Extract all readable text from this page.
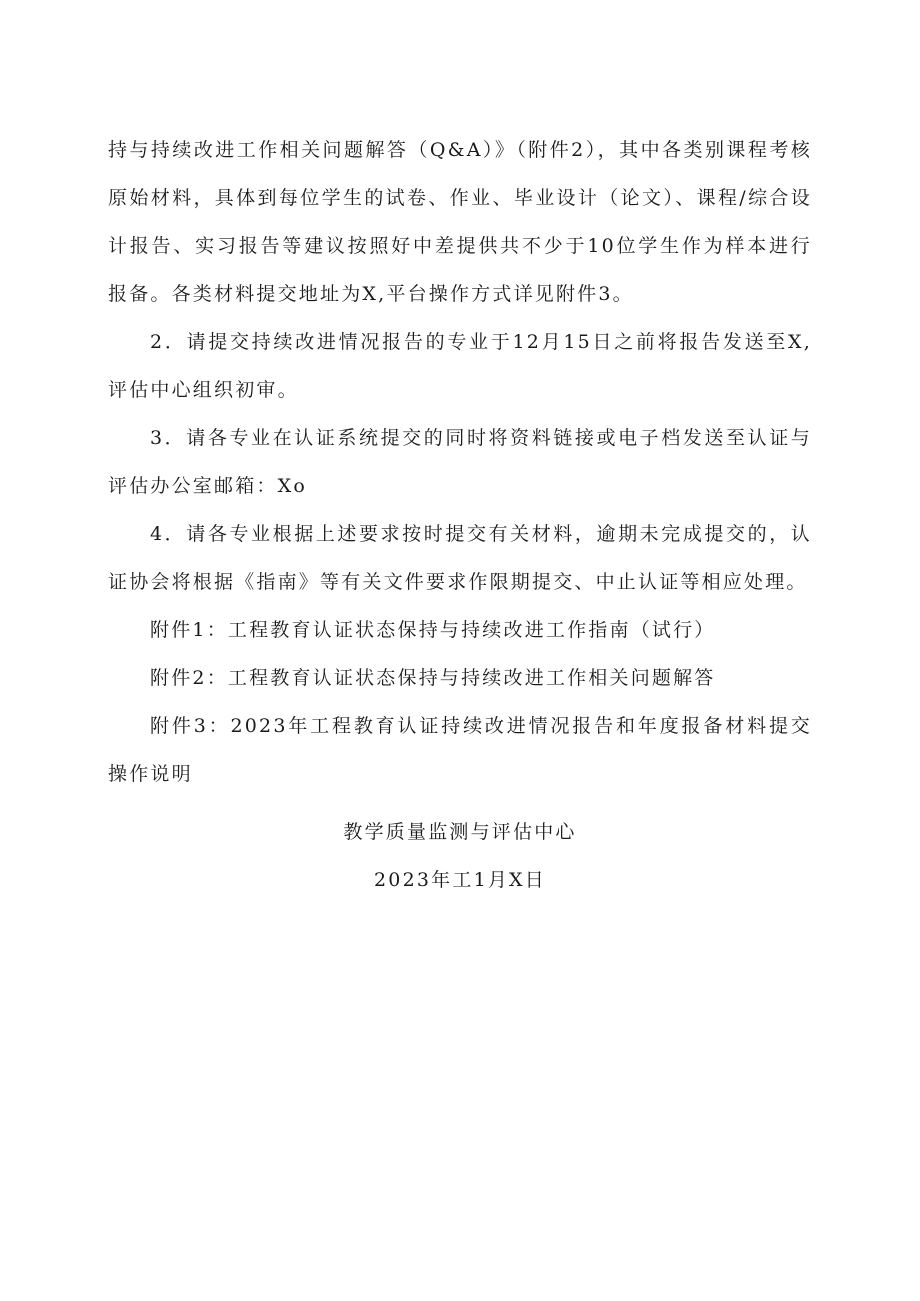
持与持续改进工作相关问题解答（Q&A）》（附件2），其中各类别课程考核原始材料，具体到每位学生的试卷、作业、毕业设计（论文）、课程/综合设计报告、实习报告等建议按照好中差提供共不少于10位学生作为样本进行报备。各类材料提交地址为X,平台操作方式详见附件3。

2．请提交持续改进情况报告的专业于12月15日之前将报告发送至X,评估中心组织初审。

3．请各专业在认证系统提交的同时将资料链接或电子档发送至认证与评估办公室邮箱：Xo

4．请各专业根据上述要求按时提交有关材料，逾期未完成提交的，认证协会将根据《指南》等有关文件要求作限期提交、中止认证等相应处理。

附件1：工程教育认证状态保持与持续改进工作指南（试行）

附件2：工程教育认证状态保持与持续改进工作相关问题解答

附件3：2023年工程教育认证持续改进情况报告和年度报备材料提交操作说明

教学质量监测与评估中心

2023年工1月X日
